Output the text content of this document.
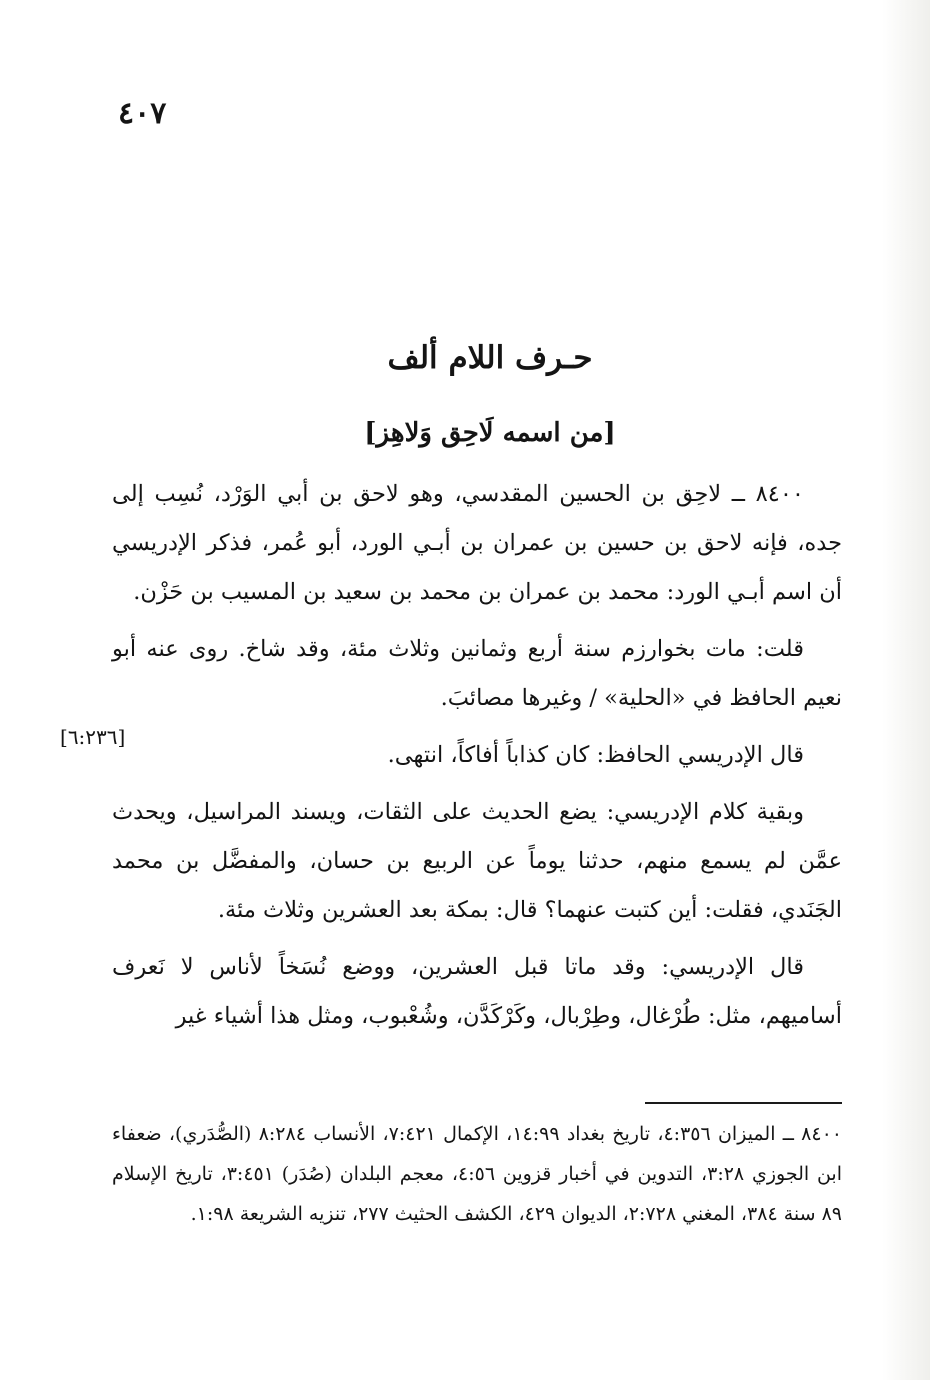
٤٠٧
حـرف اللام ألف
[من اسمه لَاحِق وَلاهِز]

٨٤٠٠ ــ لاحِق بن الحسين المقدسي، وهو لاحق بن أبي الوَرْد، نُسِب إلى جده، فإنه لاحق بن حسين بن عمران بن أبـي الورد، أبو عُمر، فذكر الإدريسي أن اسم أبـي الورد: محمد بن عمران بن محمد بن سعيد بن المسيب بن حَزْن.

قلت: مات بخوارزم سنة أربع وثمانين وثلاث مئة، وقد شاخ. روى عنه أبو نعيم الحافظ في «الحلية» / وغيرها مصائبَ.

قال الإدريسي الحافظ: كان كذاباً أفاكاً، انتهى.

وبقية كلام الإدريسي: يضع الحديث على الثقات، ويسند المراسيل، ويحدث عمَّن لم يسمع منهم، حدثنا يوماً عن الربيع بن حسان، والمفضَّل بن محمد الجَنَدي، فقلت: أين كتبت عنهما؟ قال: بمكة بعد العشرين وثلاث مئة.

قال الإدريسي: وقد ماتا قبل العشرين، ووضع نُسَخاً لأناس لا نَعرف أساميهم، مثل: طُرْغال، وطِرْبال، وكَرْكَدَّن، وشُعْبوب، ومثل هذا أشياء غير

[٦:٢٣٦]

٨٤٠٠ ــ الميزان ٤:٣٥٦، تاريخ بغداد ١٤:٩٩، الإكمال ٧:٤٢١، الأنساب ٨:٢٨٤ (الصُّدَري)، ضعفاء ابن الجوزي ٣:٢٨، التدوين في أخبار قزوين ٤:٥٦، معجم البلدان (صُدَر) ٣:٤٥١، تاريخ الإسلام ٨٩ سنة ٣٨٤، المغني ٢:٧٢٨، الديوان ٤٢٩، الكشف الحثيث ٢٧٧، تنزيه الشريعة ١:٩٨.
